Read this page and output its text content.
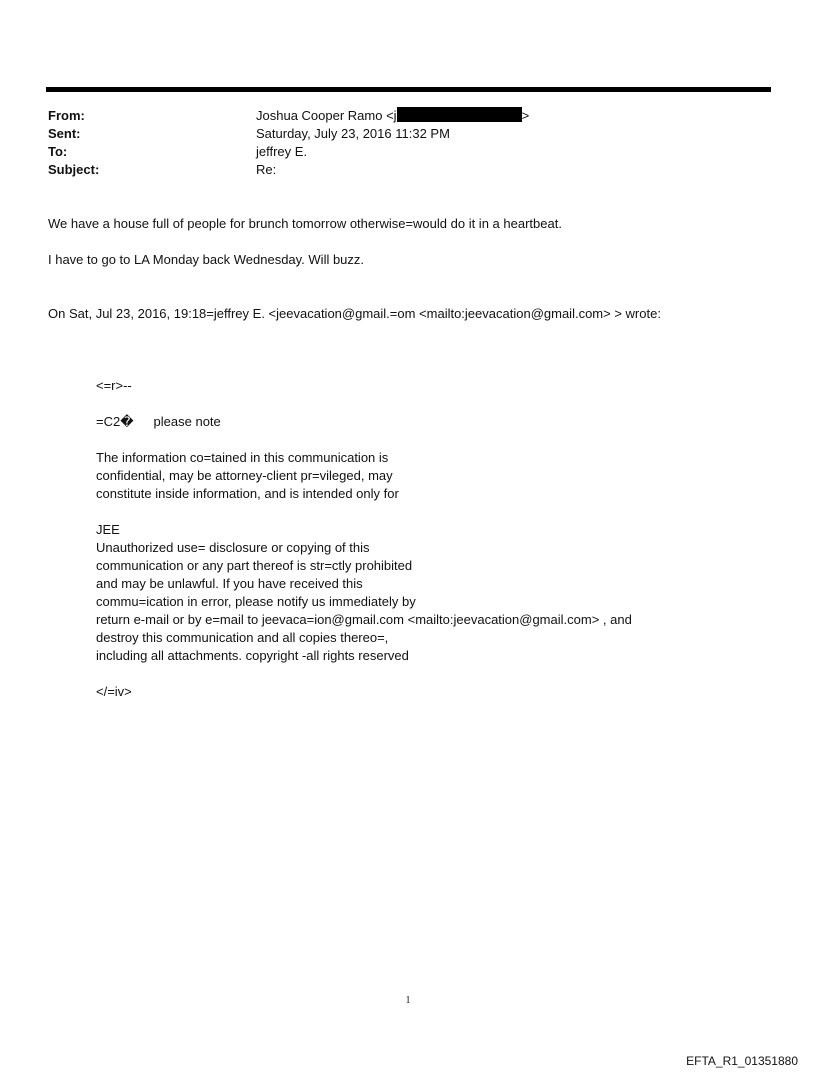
From:	Joshua Cooper Ramo <j	>
Sent:	Saturday, July 23, 2016 11:32 PM
To:	jeffrey E.
Subject:	Re:
We have a house full of people for brunch tomorrow otherwise=would do it in a heartbeat.
I have to go to LA Monday back Wednesday. Will buzz.
On Sat, Jul 23, 2016, 19:18=jeffrey E. <jeevacation@gmail.=om <mailto:jeevacation@gmail.com> > wrote:
<=r>--
=C2� please note
The information co=tained in this communication is
confidential, may be attorney-client pr=vileged, may
constitute inside information, and is intended only for
JEE
Unauthorized use= disclosure or copying of this
communication or any part thereof is str=ctly prohibited
and may be unlawful. If you have received this
commu=ication in error, please notify us immediately by
return e-mail or by e=mail to jeevaca=ion@gmail.com <mailto:jeevacation@gmail.com> , and
destroy this communication and all copies thereo=,
including all attachments. copyright -all rights reserved
</=iv>
1
EFTA_R1_01351880
